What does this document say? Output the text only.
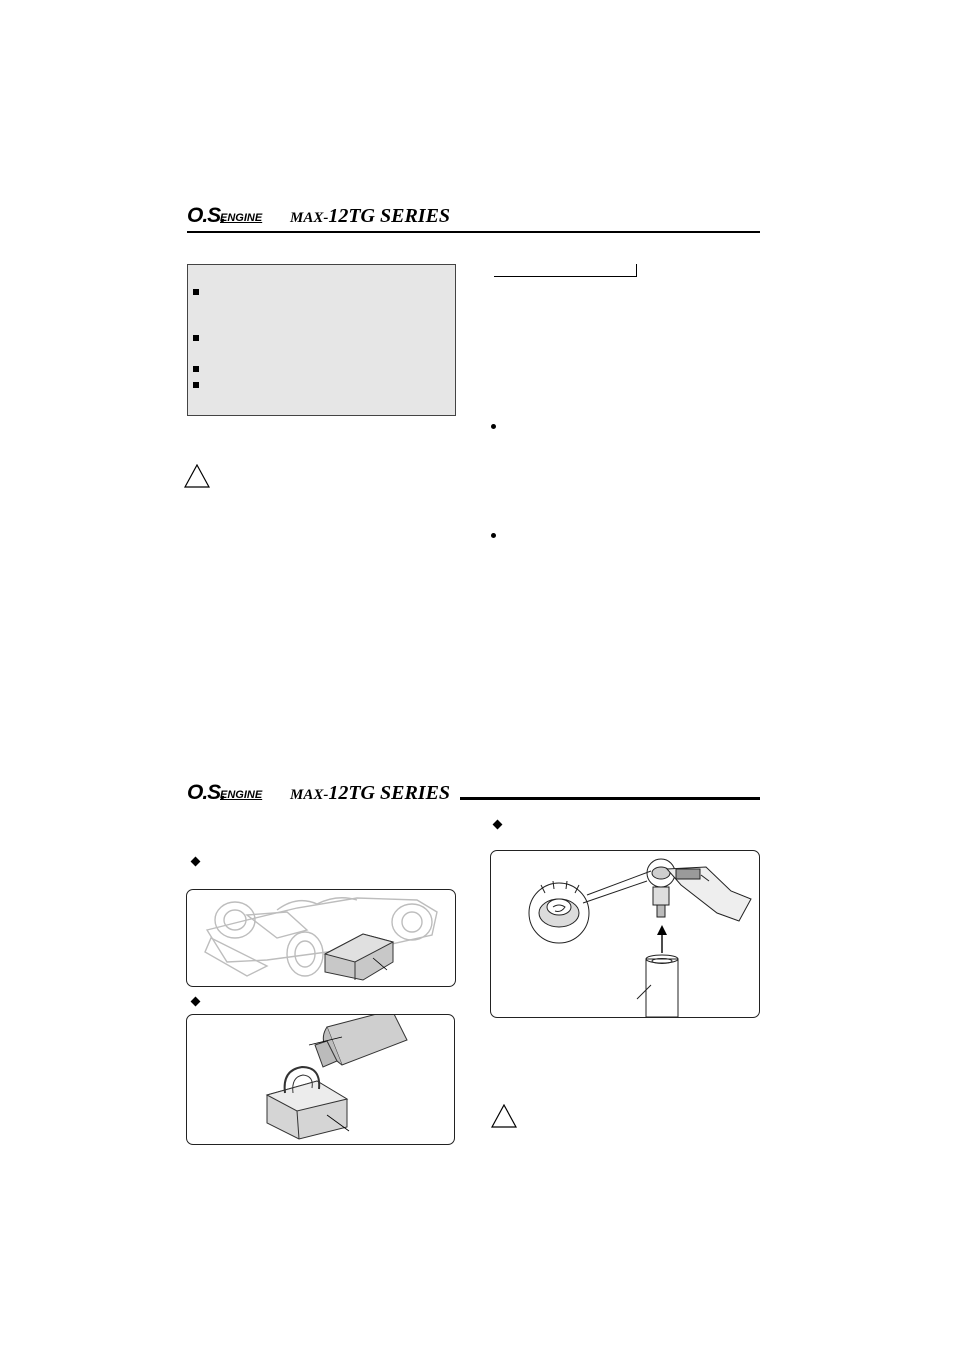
O.S.
ENGINE MAX-12TG SERIES
O.S.
ENGINE MAX-12TG SERIES
